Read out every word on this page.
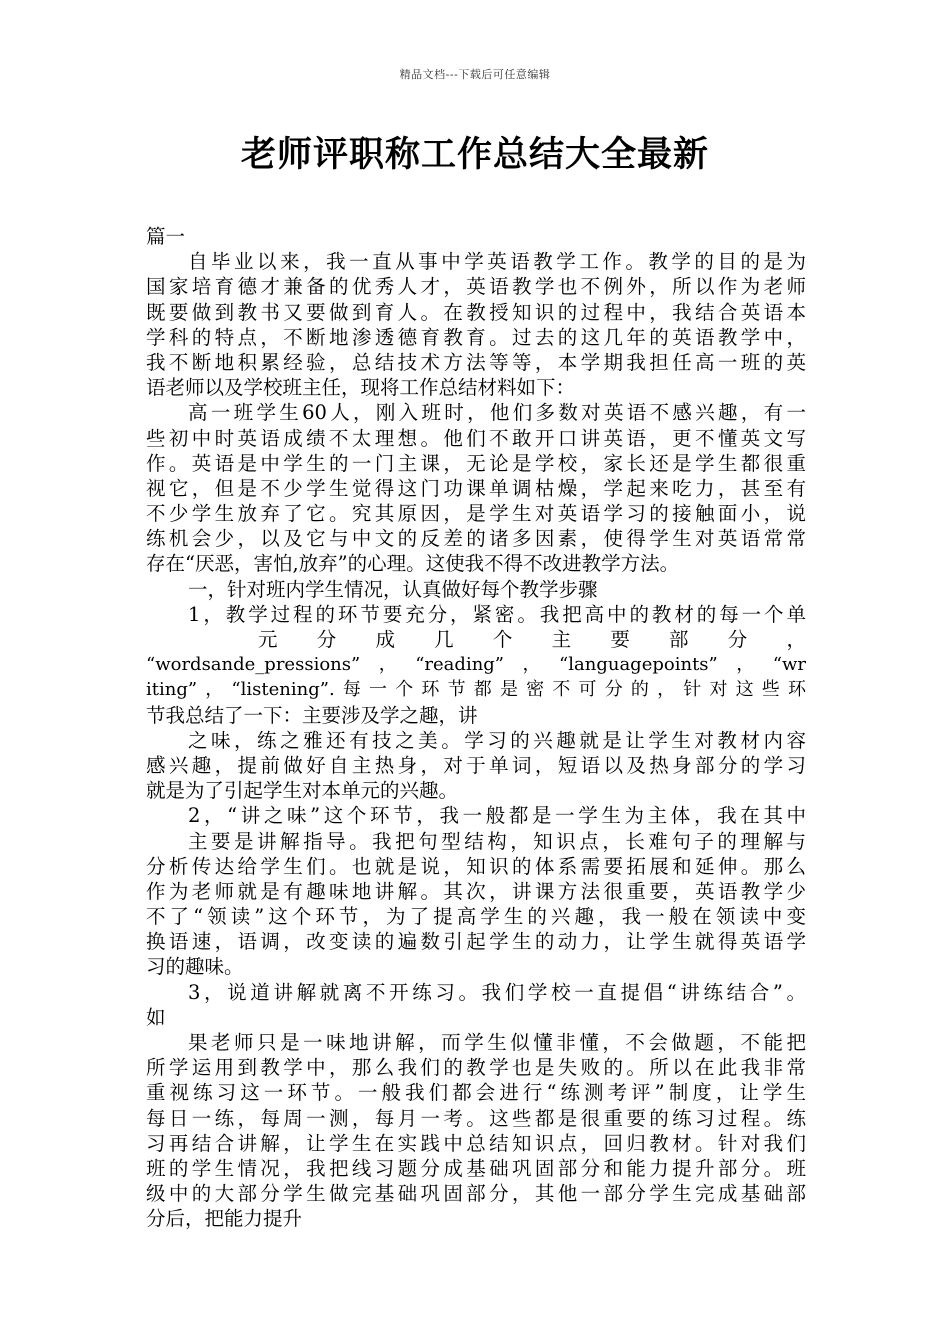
精品文档---下载后可任意编辑
老师评职称工作总结大全最新
篇一
自毕业以来，我一直从事中学英语教学工作。教学的目的是为
国家培育德才兼备的优秀人才，英语教学也不例外，所以作为老师
既要做到教书又要做到育人。在教授知识的过程中，我结合英语本
学科的特点，不断地渗透德育教育。过去的这几年的英语教学中，
我不断地积累经验，总结技术方法等等，本学期我担任高一班的英
语老师以及学校班主任，现将工作总结材料如下：
高一班学生60人，刚入班时，他们多数对英语不感兴趣，有一
些初中时英语成绩不太理想。他们不敢开口讲英语，更不懂英文写
作。英语是中学生的一门主课，无论是学校，家长还是学生都很重
视它，但是不少学生觉得这门功课单调枯燥，学起来吃力，甚至有
不少学生放弃了它。究其原因，是学生对英语学习的接触面小，说
练机会少，以及它与中文的反差的诸多因素，使得学生对英语常常
存在“厌恶，害怕,放弃”的心理。这使我不得不改进教学方法。
一，针对班内学生情况，认真做好每个教学步骤
1，教学过程的环节要充分，紧密。我把高中的教材的每一个单
元 分 成 几 个 主 要 部 分 ，
“wordsande_pressions”，“reading”，“languagepoints”，“wr
iting”，“listening”.每一个环节都是密不可分的，针对这些环
节我总结了一下：主要涉及学之趣，讲
之味，练之雅还有技之美。学习的兴趣就是让学生对教材内容
感兴趣，提前做好自主热身，对于单词，短语以及热身部分的学习
就是为了引起学生对本单元的兴趣。
2，“讲之味”这个环节，我一般都是一学生为主体，我在其中
主要是讲解指导。我把句型结构，知识点，长难句子的理解与
分析传达给学生们。也就是说，知识的体系需要拓展和延伸。那么
作为老师就是有趣味地讲解。其次，讲课方法很重要，英语教学少
不了“领读”这个环节，为了提高学生的兴趣，我一般在领读中变
换语速，语调，改变读的遍数引起学生的动力，让学生就得英语学
习的趣味。
3，说道讲解就离不开练习。我们学校一直提倡“讲练结合”。
如
果老师只是一味地讲解，而学生似懂非懂，不会做题，不能把
所学运用到教学中，那么我们的教学也是失败的。所以在此我非常
重视练习这一环节。一般我们都会进行“练测考评”制度，让学生
每日一练，每周一测，每月一考。这些都是很重要的练习过程。练
习再结合讲解，让学生在实践中总结知识点，回归教材。针对我们
班的学生情况，我把线习题分成基础巩固部分和能力提升部分。班
级中的大部分学生做完基础巩固部分，其他一部分学生完成基础部
分后，把能力提升
